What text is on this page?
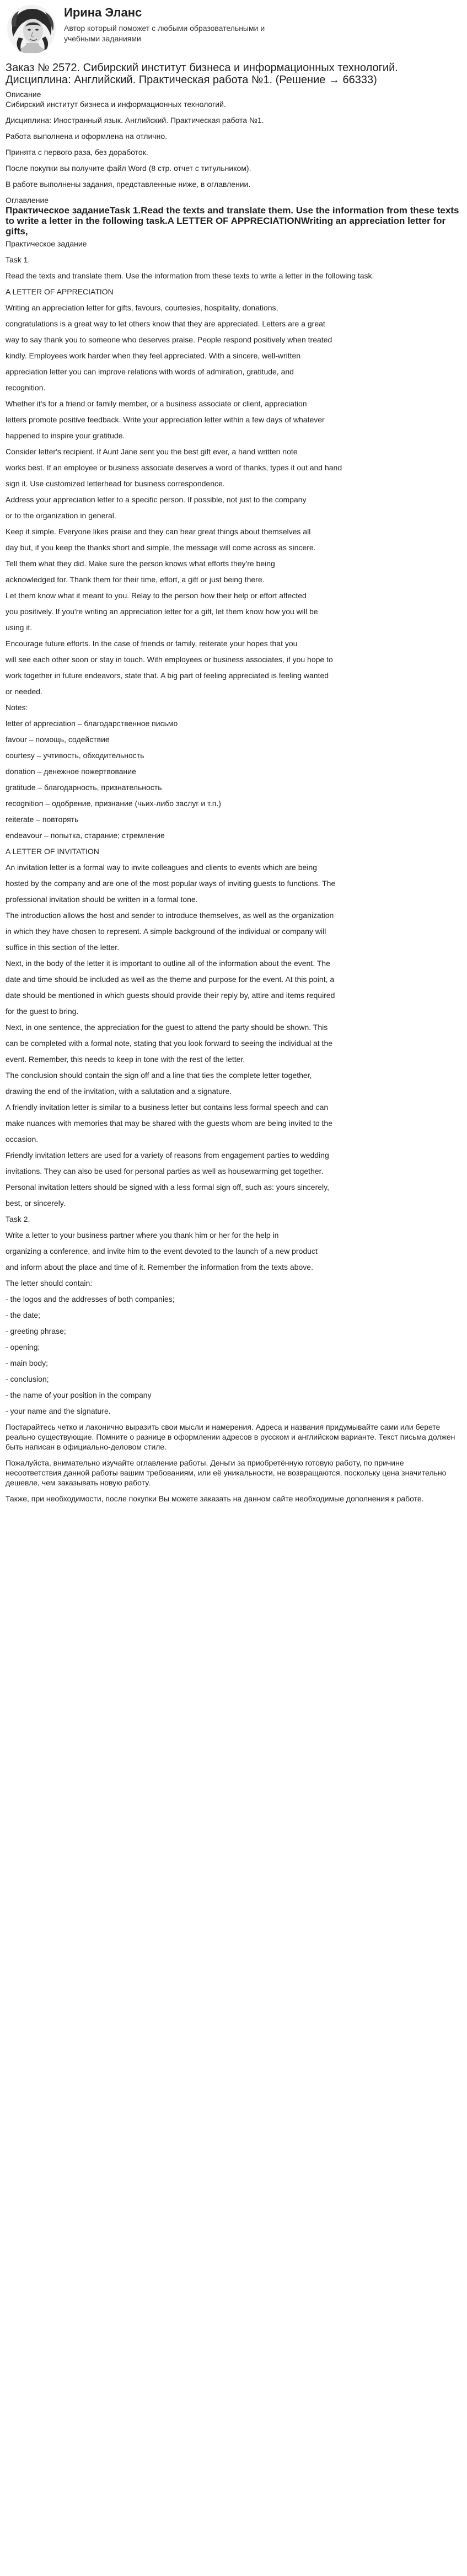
Ирина Эланс
Автор который поможет с любыми образовательными и учебными заданиями
Заказ № 2572. Сибирский институт бизнеса и информационных технологий. Дисциплина: Английский. Практическая работа №1. (Решение → 66333)
Описание
Сибирский институт бизнеса и информационных технологий.
Дисциплина: Иностранный язык. Английский. Практическая работа №1.
Работа выполнена и оформлена на отлично.
Принята с первого раза, без доработок.
После покупки вы получите файл Word (8 стр. отчет с титульником).
В работе выполнены задания, представленные ниже, в оглавлении.
Оглавление
Практическое заданиеTask 1.Read the texts and translate them. Use the information from these texts to write a letter in the following task.A LETTER OF APPRECIATIONWriting an appreciation letter for gifts,
Практическое задание
Task 1.
Read the texts and translate them. Use the information from these texts to write a letter in the following task.
A LETTER OF APPRECIATION
Writing an appreciation letter for gifts, favours, courtesies, hospitality, donations,
congratulations is a great way to let others know that they are appreciated. Letters are a great
way to say thank you to someone who deserves praise. People respond positively when treated
kindly. Employees work harder when they feel appreciated. With a sincere, well-written
appreciation letter you can improve relations with words of admiration, gratitude, and
recognition.
Whether it's for a friend or family member, or a business associate or client, appreciation
letters promote positive feedback. Write your appreciation letter within a few days of whatever
happened to inspire your gratitude.
Consider letter's recipient. If Aunt Jane sent you the best gift ever, a hand written note
works best. If an employee or business associate deserves a word of thanks, types it out and hand
sign it. Use customized letterhead for business correspondence.
Address your appreciation letter to a specific person. If possible, not just to the company
or to the organization in general.
Keep it simple. Everyone likes praise and they can hear great things about themselves all
day but, if you keep the thanks short and simple, the message will come across as sincere.
Tell them what they did. Make sure the person knows what efforts they're being
acknowledged for. Thank them for their time, effort, a gift or just being there.
Let them know what it meant to you. Relay to the person how their help or effort affected
you positively. If you're writing an appreciation letter for a gift, let them know how you will be
using it.
Encourage future efforts. In the case of friends or family, reiterate your hopes that you
will see each other soon or stay in touch. With employees or business associates, if you hope to
work together in future endeavors, state that. A big part of feeling appreciated is feeling wanted
or needed.
Notes:
letter of appreciation – благодарственное письмо
favour – помощь, содействие
courtesy – учтивость, обходительность
donation – денежное пожертвование
gratitude – благодарность, признательность
recognition – одобрение, признание (чьих-либо заслуг и т.п.)
reiterate – повторять
endeavour – попытка, старание; стремление
A LETTER OF INVITATION
An invitation letter is a formal way to invite colleagues and clients to events which are being
hosted by the company and are one of the most popular ways of inviting guests to functions. The
professional invitation should be written in a formal tone.
The introduction allows the host and sender to introduce themselves, as well as the organization
in which they have chosen to represent. A simple background of the individual or company will
suffice in this section of the letter.
Next, in the body of the letter it is important to outline all of the information about the event. The
date and time should be included as well as the theme and purpose for the event. At this point, a
date should be mentioned in which guests should provide their reply by, attire and items required
for the guest to bring.
Next, in one sentence, the appreciation for the guest to attend the party should be shown. This
can be completed with a formal note, stating that you look forward to seeing the individual at the
event. Remember, this needs to keep in tone with the rest of the letter.
The conclusion should contain the sign off and a line that ties the complete letter together,
drawing the end of the invitation, with a salutation and a signature.
A friendly invitation letter is similar to a business letter but contains less formal speech and can
make nuances with memories that may be shared with the guests whom are being invited to the
occasion.
Friendly invitation letters are used for a variety of reasons from engagement parties to wedding
invitations. They can also be used for personal parties as well as housewarming get together.
Personal invitation letters should be signed with a less formal sign off, such as: yours sincerely,
best, or sincerely.
Task 2.
Write a letter to your business partner where you thank him or her for the help in
organizing a conference, and invite him to the event devoted to the launch of a new product
and inform about the place and time of it. Remember the information from the texts above.
The letter should contain:
- the logos and the addresses of both companies;
- the date;
- greeting phrase;
- opening;
- main body;
- conclusion;
- the name of your position in the company
- your name and the signature.
Постарайтесь четко и лаконично выразить свои мысли и намерения. Адреса и названия придумывайте сами или берете реально существующие. Помните о разнице в оформлении адресов в русском и английском варианте. Текст письма должен быть написан в официально-деловом стиле.
Пожалуйста, внимательно изучайте оглавление работы. Деньги за приобретённую готовую работу, по причине несоответствия данной работы вашим требованиям, или её уникальности, не возвращаются, поскольку цена значительно дешевле, чем заказывать новую работу.
Также, при необходимости, после покупки Вы можете заказать на данном сайте необходимые дополнения к работе.
